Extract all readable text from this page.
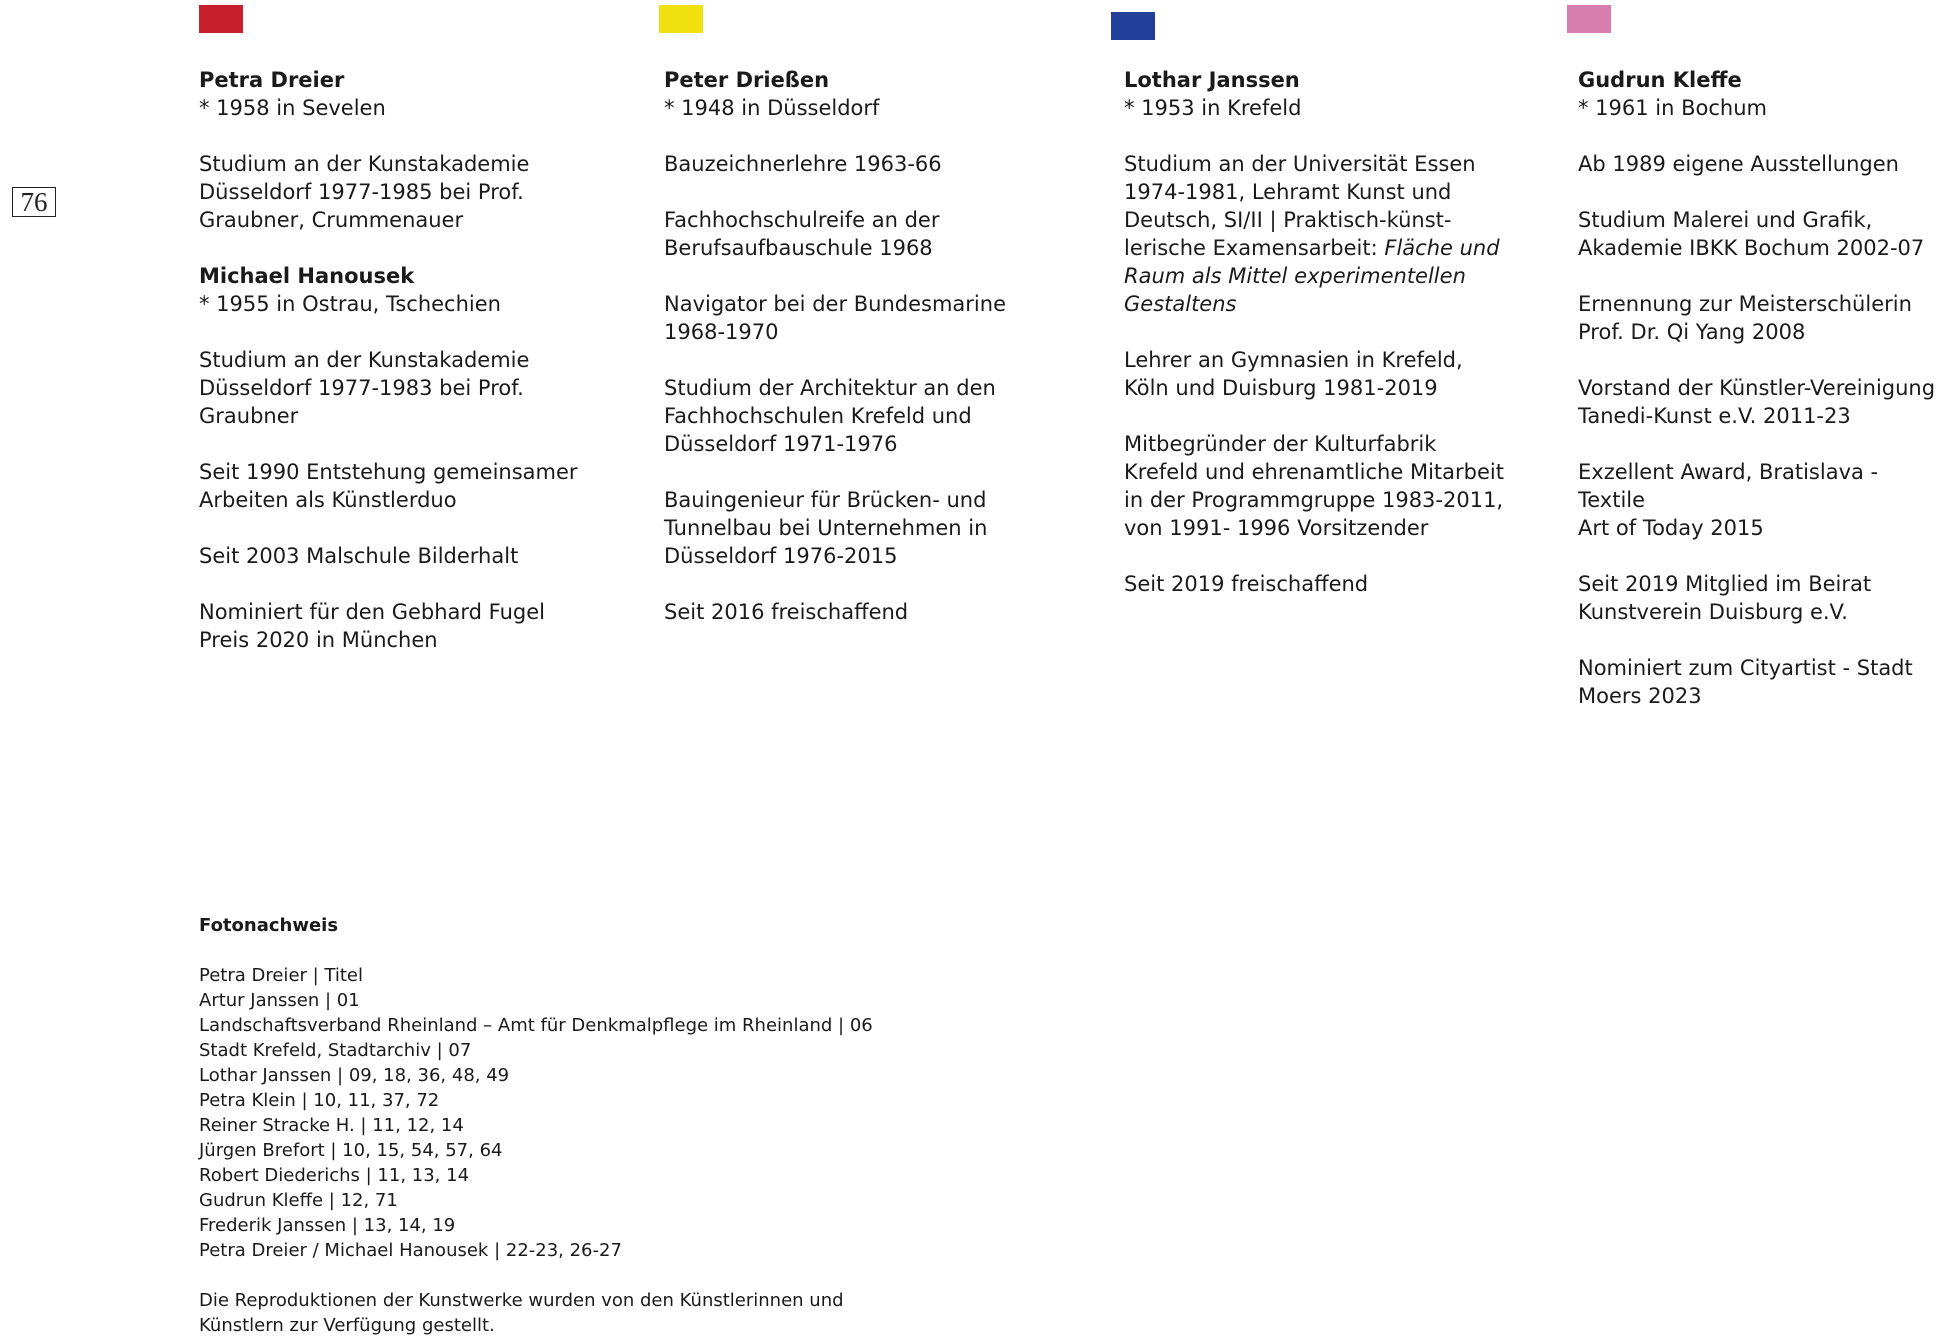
76
Petra Dreier
* 1958 in Sevelen

Studium an der Kunstakademie
Düsseldorf 1977-1985 bei Prof.
Graubner, Crummenauer

Michael Hanousek
* 1955 in Ostrau, Tschechien

Studium an der Kunstakademie
Düsseldorf 1977-1983 bei Prof.
Graubner

Seit 1990 Entstehung gemeinsamer
Arbeiten als Künstlerduo

Seit 2003 Malschule Bilderhalt

Nominiert für den Gebhard Fugel
Preis 2020 in München

Peter Drießen
* 1948 in Düsseldorf

Bauzeichnerlehre 1963-66

Fachhochschulreife an der
Berufsaufbauschule 1968

Navigator bei der Bundesmarine
1968-1970

Studium der Architektur an den
Fachhochschulen Krefeld und
Düsseldorf 1971-1976

Bauingenieur für Brücken- und
Tunnelbau bei Unternehmen in
Düsseldorf 1976-2015

Seit 2016 freischaffend

Lothar Janssen
* 1953 in Krefeld

Studium an der Universität Essen
1974-1981, Lehramt Kunst und
Deutsch, SI/II | Praktisch-künst-
lerische Examensarbeit: Fläche und
Raum als Mittel experimentellen
Gestaltens

Lehrer an Gymnasien in Krefeld,
Köln und Duisburg 1981-2019

Mitbegründer der Kulturfabrik
Krefeld und ehrenamtliche Mitarbeit
in der Programmgruppe 1983-2011,
von 1991- 1996 Vorsitzender

Seit 2019 freischaffend

Gudrun Kleffe
* 1961 in Bochum

Ab 1989 eigene Ausstellungen

Studium Malerei und Grafik,
Akademie IBKK Bochum 2002-07

Ernennung zur Meisterschülerin
Prof. Dr. Qi Yang 2008

Vorstand der Künstler-Vereinigung
Tanedi-Kunst e.V. 2011-23

Exzellent Award, Bratislava - Textile
Art of Today 2015

Seit 2019 Mitglied im Beirat
Kunstverein Duisburg e.V.

Nominiert zum Cityartist - Stadt
Moers 2023

Fotonachweis
Petra Dreier | Titel
Artur Janssen | 01
Landschaftsverband Rheinland – Amt für Denkmalpflege im Rheinland | 06
Stadt Krefeld, Stadtarchiv | 07
Lothar Janssen | 09, 18, 36, 48, 49
Petra Klein | 10, 11, 37, 72
Reiner Stracke H. | 11, 12, 14
Jürgen Brefort | 10, 15, 54, 57, 64
Robert Diederichs | 11, 13, 14
Gudrun Kleffe | 12, 71
Frederik Janssen | 13, 14, 19
Petra Dreier / Michael Hanousek | 22-23, 26-27
Die Reproduktionen der Kunstwerke wurden von den Künstlerinnen und
Künstlern zur Verfügung gestellt.
